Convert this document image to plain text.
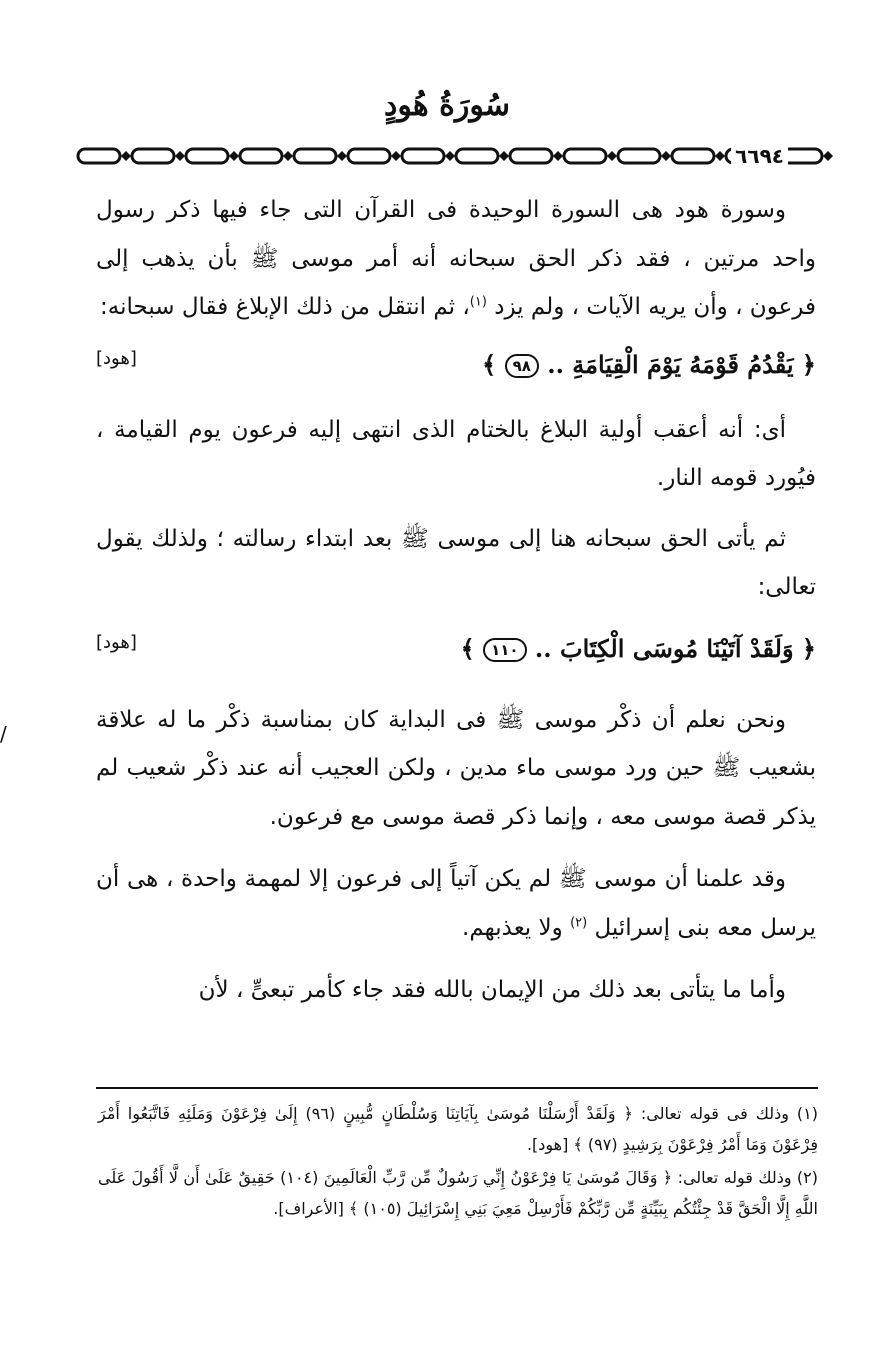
سُورَةُ هُودٍ
٦٦٩٤
/

وسورة هود هى السورة الوحيدة فى القرآن التى جاء فيها ذكر رسول واحد مرتين ، فقد ذكر الحق سبحانه أنه أمر موسى ﷺ بأن يذهب إلى فرعون ، وأن يريه الآيات ، ولم يزد $^{(١)}$، ثم انتقل من ذلك الإبلاغ فقال سبحانه:

﴿ يَقْدُمُ قَوْمَهُ يَوْمَ الْقِيَامَةِ .. ٩٨ ﴾
[هود]

أى: أنه أعقب أولية البلاغ بالختام الذى انتهى إليه فرعون يوم القيامة ، فيُورد قومه النار.

ثم يأتى الحق سبحانه هنا إلى موسى ﷺ بعد ابتداء رسالته ؛ ولذلك يقول تعالى:

﴿ وَلَقَدْ آتَيْنَا مُوسَى الْكِتَابَ .. ١١٠ ﴾
[هود]

ونحن نعلم أن ذكْر موسى ﷺ فى البداية كان بمناسبة ذكْر ما له علاقة بشعيب ﷺ حين ورد موسى ماء مدين ، ولكن العجيب أنه عند ذكْر شعيب لم يذكر قصة موسى معه ، وإنما ذكر قصة موسى مع فرعون.

وقد علمنا أن موسى ﷺ لم يكن آتياً إلى فرعون إلا لمهمة واحدة ، هى أن يرسل معه بنى إسرائيل $^{(٢)}$ ولا يعذبهم.

وأما ما يتأتى بعد ذلك من الإيمان بالله فقد جاء كأمر تبعىٍّ ، لأن

(١) وذلك فى قوله تعالى: ﴿ وَلَقَدْ أَرْسَلْنَا مُوسَىٰ بِآيَاتِنَا وَسُلْطَانٍ مُّبِينٍ (٩٦) إِلَىٰ فِرْعَوْنَ وَمَلَئِهِ فَاتَّبَعُوا أَمْرَ فِرْعَوْنَ وَمَا أَمْرُ فِرْعَوْنَ بِرَشِيدٍ (٩٧) ﴾ [هود].

(٢) وذلك قوله تعالى: ﴿ وَقَالَ مُوسَىٰ يَا فِرْعَوْنُ إِنِّي رَسُولٌ مِّن رَّبِّ الْعَالَمِينَ (١٠٤) حَقِيقٌ عَلَىٰ أَن لَّا أَقُولَ عَلَى اللَّهِ إِلَّا الْحَقَّ قَدْ جِئْتُكُم بِبَيِّنَةٍ مِّن رَّبِّكُمْ فَأَرْسِلْ مَعِيَ بَنِي إِسْرَائِيلَ (١٠٥) ﴾ [الأعراف].
